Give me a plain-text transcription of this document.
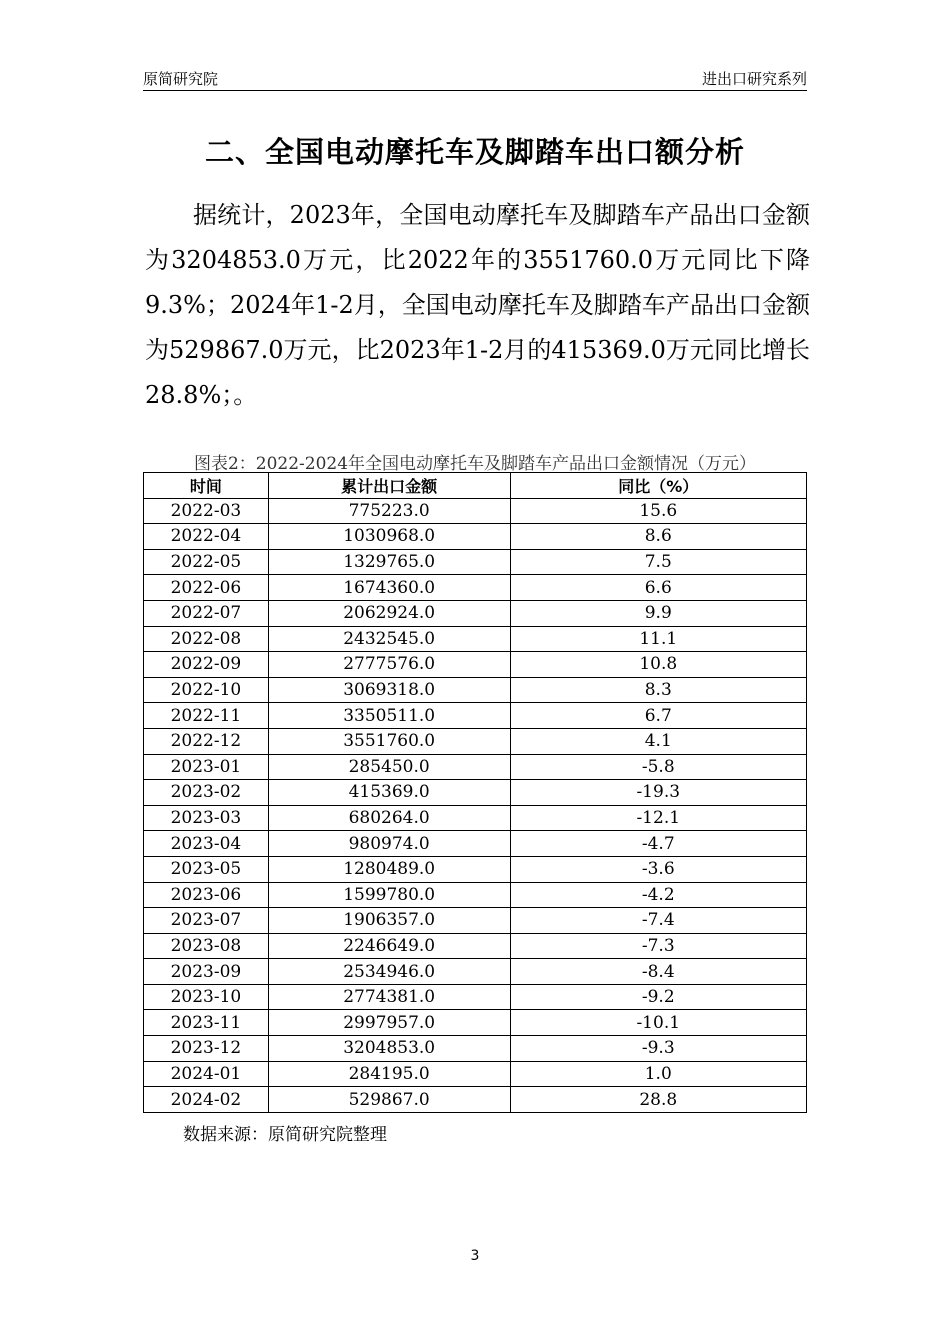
原简研究院	进出口研究系列
二、全国电动摩托车及脚踏车出口额分析

据统计，2023年，全国电动摩托车及脚踏车产品出口金额为3204853.0万元，比2022年的3551760.0万元同比下降9.3%；2024年1-2月，全国电动摩托车及脚踏车产品出口金额为529867.0万元，比2023年1-2月的415369.0万元同比增长28.8%；。

图表2：2022-2024年全国电动摩托车及脚踏车产品出口金额情况（万元）
时间	累计出口金额	同比（%）
2022-03	775223.0	15.6
2022-04	1030968.0	8.6
2022-05	1329765.0	7.5
2022-06	1674360.0	6.6
2022-07	2062924.0	9.9
2022-08	2432545.0	11.1
2022-09	2777576.0	10.8
2022-10	3069318.0	8.3
2022-11	3350511.0	6.7
2022-12	3551760.0	4.1
2023-01	285450.0	-5.8
2023-02	415369.0	-19.3
2023-03	680264.0	-12.1
2023-04	980974.0	-4.7
2023-05	1280489.0	-3.6
2023-06	1599780.0	-4.2
2023-07	1906357.0	-7.4
2023-08	2246649.0	-7.3
2023-09	2534946.0	-8.4
2023-10	2774381.0	-9.2
2023-11	2997957.0	-10.1
2023-12	3204853.0	-9.3
2024-01	284195.0	1.0
2024-02	529867.0	28.8
数据来源：原简研究院整理
3
